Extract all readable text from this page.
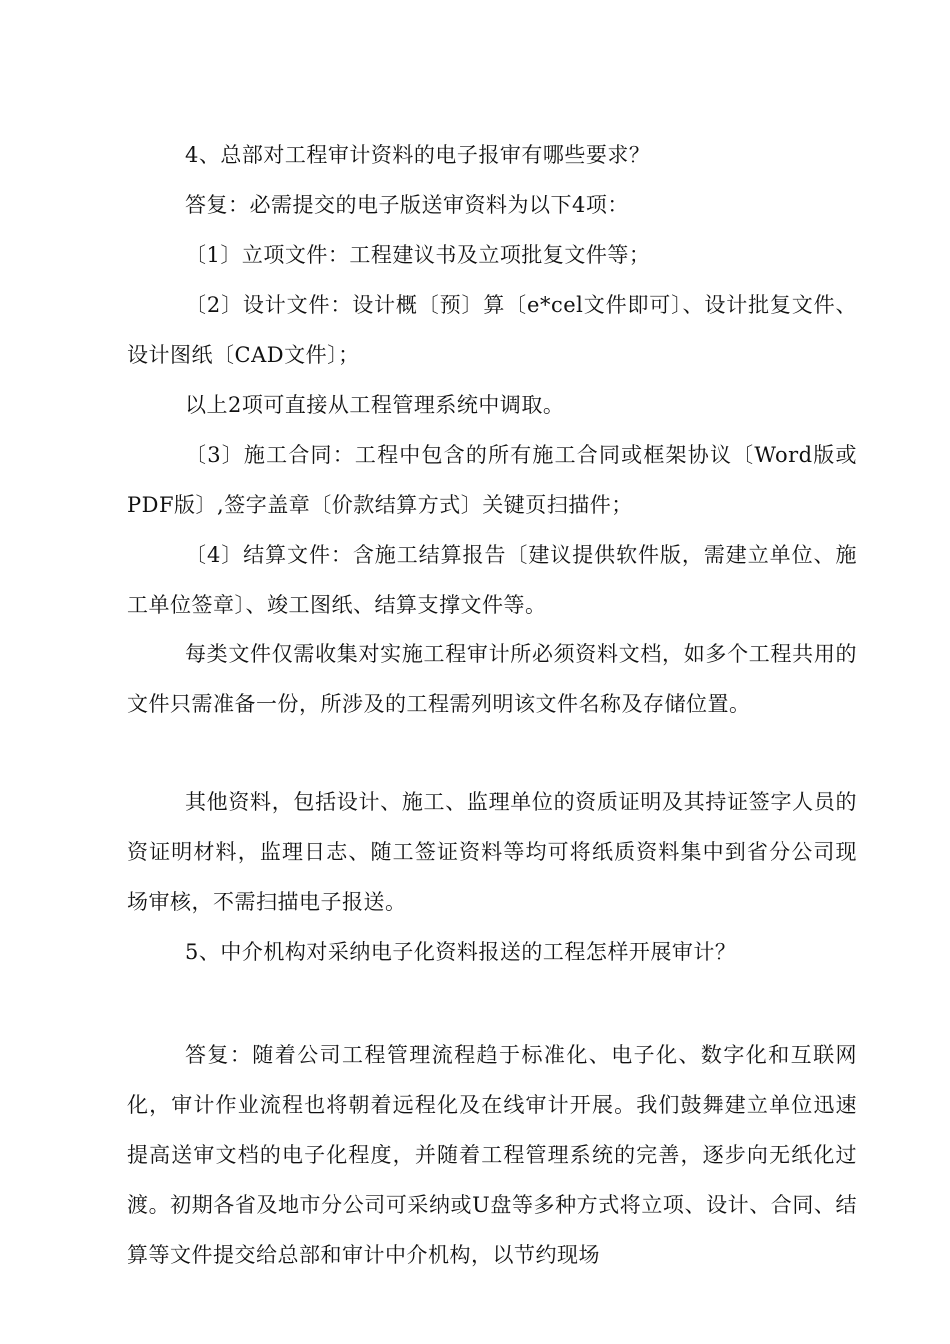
4、总部对工程审计资料的电子报审有哪些要求？

答复：必需提交的电子版送审资料为以下4项：

〔1〕立项文件：工程建议书及立项批复文件等；

〔2〕设计文件：设计概〔预〕算〔e*cel文件即可〕、设计批复文件、设计图纸〔CAD文件〕；

以上2项可直接从工程管理系统中调取。

〔3〕施工合同：工程中包含的所有施工合同或框架协议〔Word版或PDF版〕,签字盖章〔价款结算方式〕关键页扫描件；

〔4〕结算文件：含施工结算报告〔建议提供软件版，需建立单位、施工单位签章〕、竣工图纸、结算支撑文件等。

每类文件仅需收集对实施工程审计所必须资料文档，如多个工程共用的文件只需准备一份，所涉及的工程需列明该文件名称及存储位置。

其他资料，包括设计、施工、监理单位的资质证明及其持证签字人员的资证明材料，监理日志、随工签证资料等均可将纸质资料集中到省分公司现场审核，不需扫描电子报送。

5、中介机构对采纳电子化资料报送的工程怎样开展审计？

答复：随着公司工程管理流程趋于标准化、电子化、数字化和互联网化，审计作业流程也将朝着远程化及在线审计开展。我们鼓舞建立单位迅速提高送审文档的电子化程度，并随着工程管理系统的完善，逐步向无纸化过渡。初期各省及地市分公司可采纳或U盘等多种方式将立项、设计、合同、结算等文件提交给总部和审计中介机构，以节约现场
